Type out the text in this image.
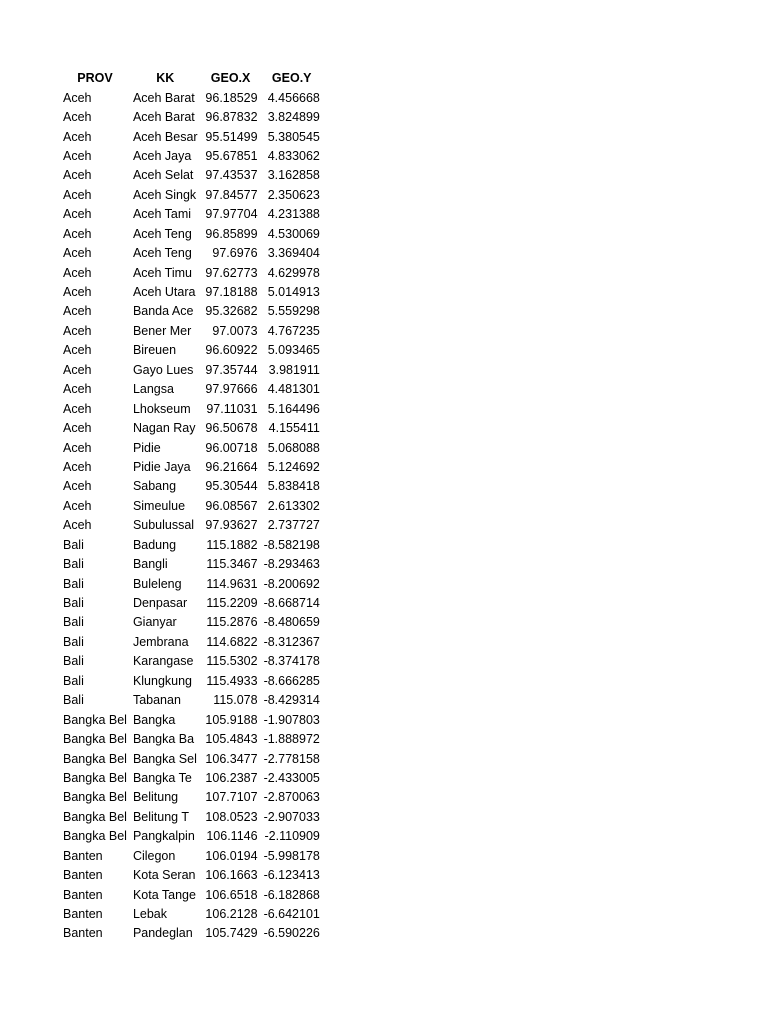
PROV	KK	GEO.X	GEO.Y
Aceh	Aceh Barat	96.18529	4.456668
Aceh	Aceh Barat	96.87832	3.824899
Aceh	Aceh Besar	95.51499	5.380545
Aceh	Aceh Jaya	95.67851	4.833062
Aceh	Aceh Selat	97.43537	3.162858
Aceh	Aceh Singk	97.84577	2.350623
Aceh	Aceh Tami	97.97704	4.231388
Aceh	Aceh Teng	96.85899	4.530069
Aceh	Aceh Teng	97.6976	3.369404
Aceh	Aceh Timu	97.62773	4.629978
Aceh	Aceh Utara	97.18188	5.014913
Aceh	Banda Ace	95.32682	5.559298
Aceh	Bener Mer	97.0073	4.767235
Aceh	Bireuen	96.60922	5.093465
Aceh	Gayo Lues	97.35744	3.981911
Aceh	Langsa	97.97666	4.481301
Aceh	Lhokseum	97.11031	5.164496
Aceh	Nagan Ray	96.50678	4.155411
Aceh	Pidie	96.00718	5.068088
Aceh	Pidie Jaya	96.21664	5.124692
Aceh	Sabang	95.30544	5.838418
Aceh	Simeulue	96.08567	2.613302
Aceh	Subulussal	97.93627	2.737727
Bali	Badung	115.1882	-8.582198
Bali	Bangli	115.3467	-8.293463
Bali	Buleleng	114.9631	-8.200692
Bali	Denpasar	115.2209	-8.668714
Bali	Gianyar	115.2876	-8.480659
Bali	Jembrana	114.6822	-8.312367
Bali	Karangase	115.5302	-8.374178
Bali	Klungkung	115.4933	-8.666285
Bali	Tabanan	115.078	-8.429314
Bangka Bel	Bangka	105.9188	-1.907803
Bangka Bel	Bangka Ba	105.4843	-1.888972
Bangka Bel	Bangka Sel	106.3477	-2.778158
Bangka Bel	Bangka Te	106.2387	-2.433005
Bangka Bel	Belitung	107.7107	-2.870063
Bangka Bel	Belitung T	108.0523	-2.907033
Bangka Bel	Pangkalpin	106.1146	-2.110909
Banten	Cilegon	106.0194	-5.998178
Banten	Kota Seran	106.1663	-6.123413
Banten	Kota Tange	106.6518	-6.182868
Banten	Lebak	106.2128	-6.642101
Banten	Pandeglan	105.7429	-6.590226
